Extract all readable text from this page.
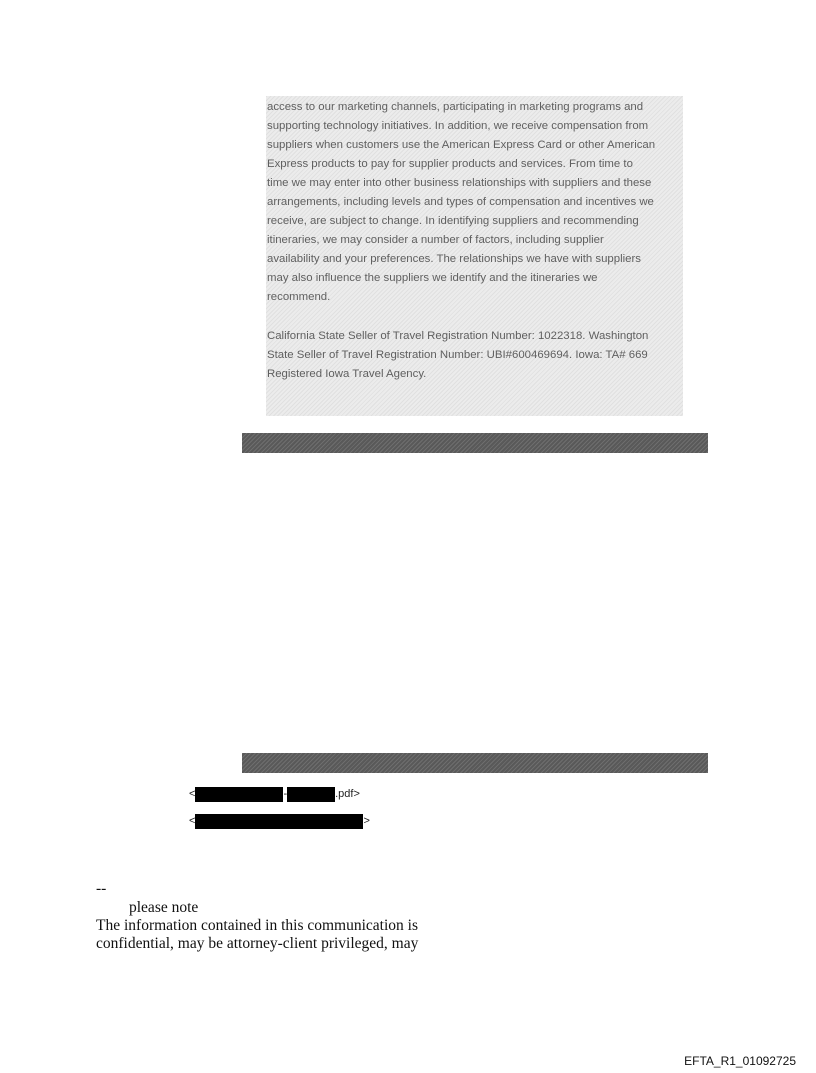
access to our marketing channels, participating in marketing programs and
supporting technology initiatives. In addition, we receive compensation from
suppliers when customers use the American Express Card or other American
Express products to pay for supplier products and services. From time to
time we may enter into other business relationships with suppliers and these
arrangements, including levels and types of compensation and incentives we
receive, are subject to change. In identifying suppliers and recommending
itineraries, we may consider a number of factors, including supplier
availability and your preferences. The relationships we have with suppliers
may also influence the suppliers we identify and the itineraries we
recommend.

California State Seller of Travel Registration Number: 1022318. Washington
State Seller of Travel Registration Number: UBI#600469694. Iowa: TA# 669
Registered Iowa Travel Agency.

<	-	.pdf>
<	>

--

please note

The information contained in this communication is

confidential, may be attorney-client privileged, may

EFTA_R1_01092725
